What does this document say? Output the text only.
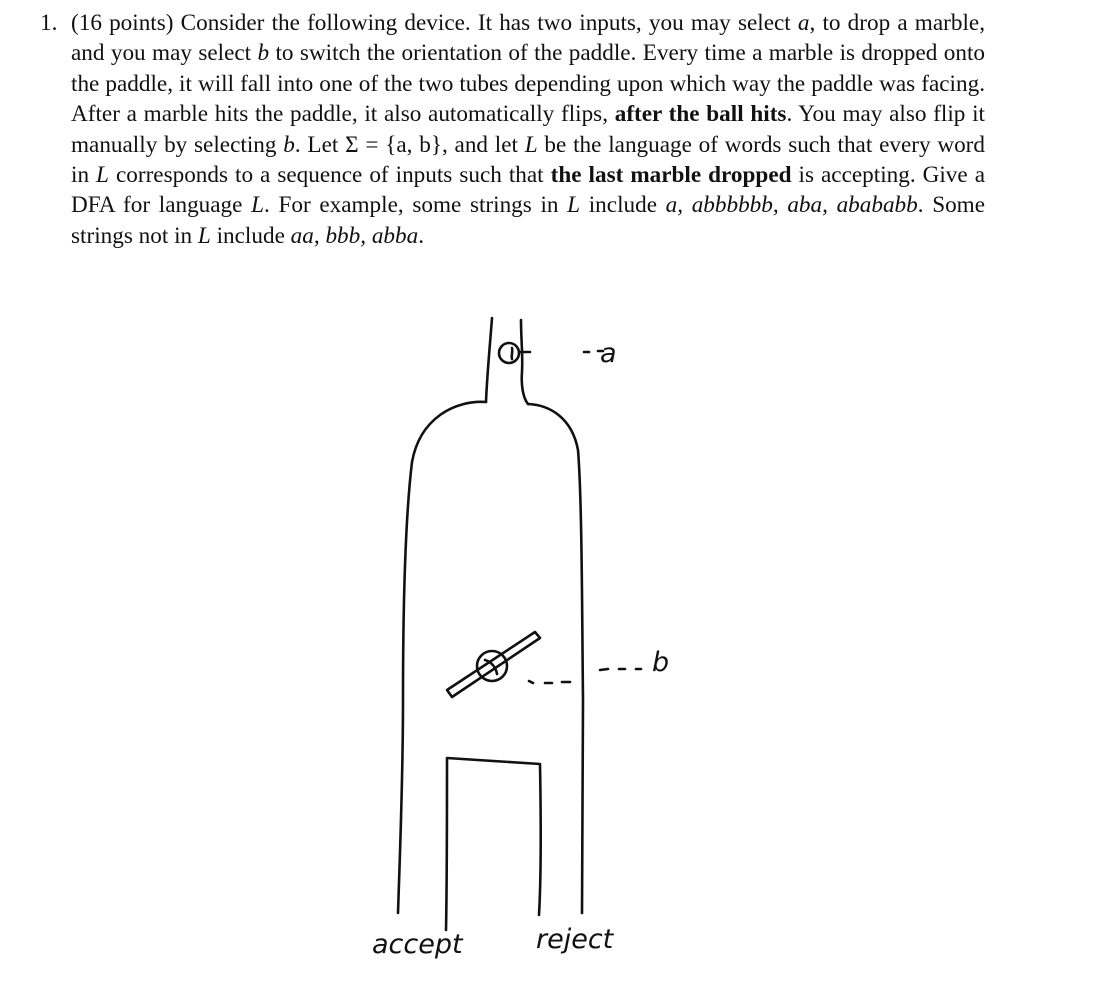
1. (16 points) Consider the following device. It has two inputs, you may select a, to drop a marble, and you may select b to switch the orientation of the paddle. Every time a marble is dropped onto the paddle, it will fall into one of the two tubes depending upon which way the paddle was facing. After a marble hits the paddle, it also automatically flips, after the ball hits. You may also flip it manually by selecting b. Let Σ = {a, b}, and let L be the language of words such that every word in L corresponds to a sequence of inputs such that the last marble dropped is accepting. Give a DFA for language L. For example, some strings in L include a, abbbbbb, aba, abababb. Some strings not in L include aa, bbb, abba.
a
b
accept	reject
